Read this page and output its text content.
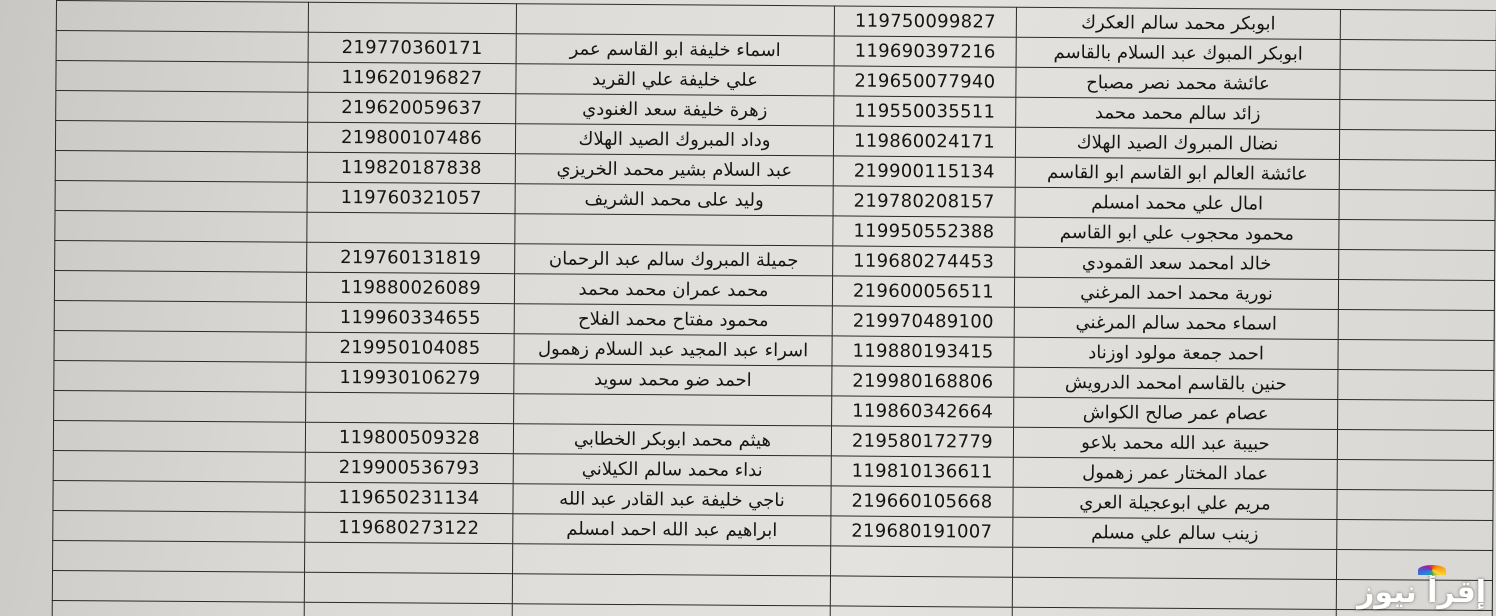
			119750099827	ابوبكر محمد سالم العكرك	
	219770360171	اسماء خليفة ابو القاسم عمر	119690397216	ابوبكر المبوك عبد السلام بالقاسم	
	119620196827	علي خليفة علي القريد	219650077940	عائشة محمد نصر مصباح	
	219620059637	زهرة خليفة سعد الغنودي	119550035511	زائد سالم محمد محمد	
	219800107486	وداد المبروك الصيد الهلاك	119860024171	نضال المبروك الصيد الهلاك	
	119820187838	عبد السلام بشير محمد الخريزي	219900115134	عائشة العالم ابو القاسم ابو القاسم	
	119760321057	وليد على محمد الشريف	219780208157	امال علي محمد امسلم	
			119950552388	محمود محجوب علي ابو القاسم	
	219760131819	جميلة المبروك سالم عبد الرحمان	119680274453	خالد امحمد سعد القمودي	
	119880026089	محمد عمران محمد محمد	219600056511	نورية محمد احمد المرغني	
	119960334655	محمود مفتاح محمد الفلاح	219970489100	اسماء محمد سالم المرغني	
	219950104085	اسراء عبد المجيد عبد السلام زهمول	119880193415	احمد جمعة مولود اوزناد	
	119930106279	احمد ضو محمد سويد	219980168806	حنين بالقاسم امحمد الدرويش	
			119860342664	عصام عمر صالح الكواش	
	119800509328	هيثم محمد ابوبكر الخطابي	219580172779	حبيبة عبد الله محمد بلاعو	
	219900536793	نداء محمد سالم الكيلاني	119810136611	عماد المختار عمر زهمول	
	119650231134	ناجي خليفة عبد القادر عبد الله	219660105668	مريم علي ابوعجيلة العري	
	119680273122	ابراهيم عبد الله احمد امسلم	219680191007	زينب سالم علي مسلم	

إقرأ نيوز
